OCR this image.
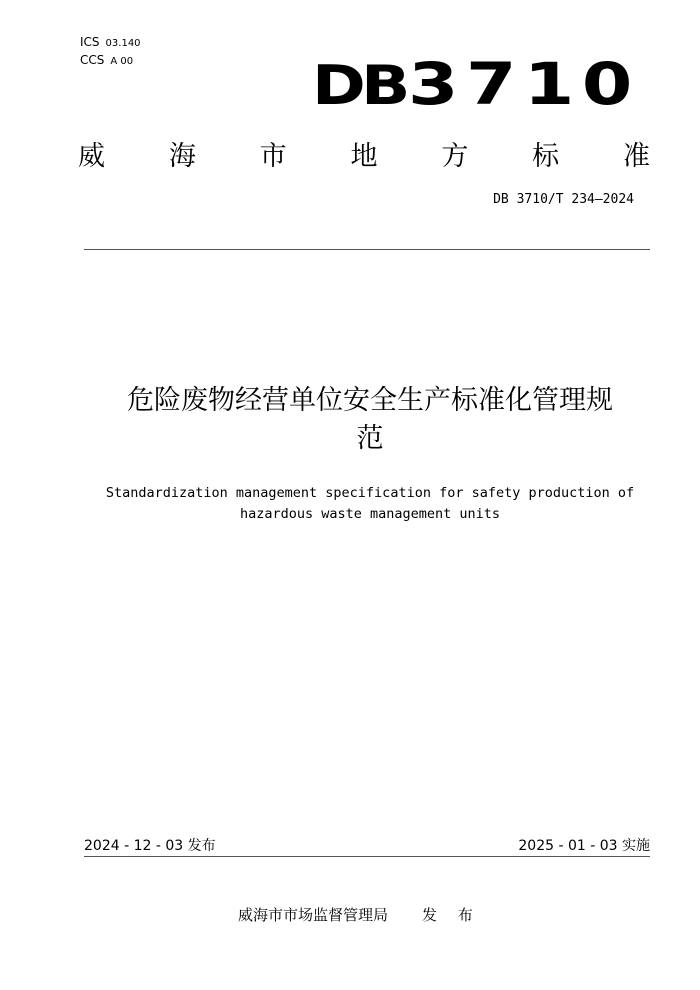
ICS 03.140
CCS A 00	DB3710
威 海 市 地 方 标 准
DB 3710/T 234—2024
危险废物经营单位安全生产标准化管理规
范
Standardization management specification for safety production of
hazardous waste management units
2024 - 12 - 03 发布	2025 - 01 - 03 实施
威海市市场监督管理局 发 布
